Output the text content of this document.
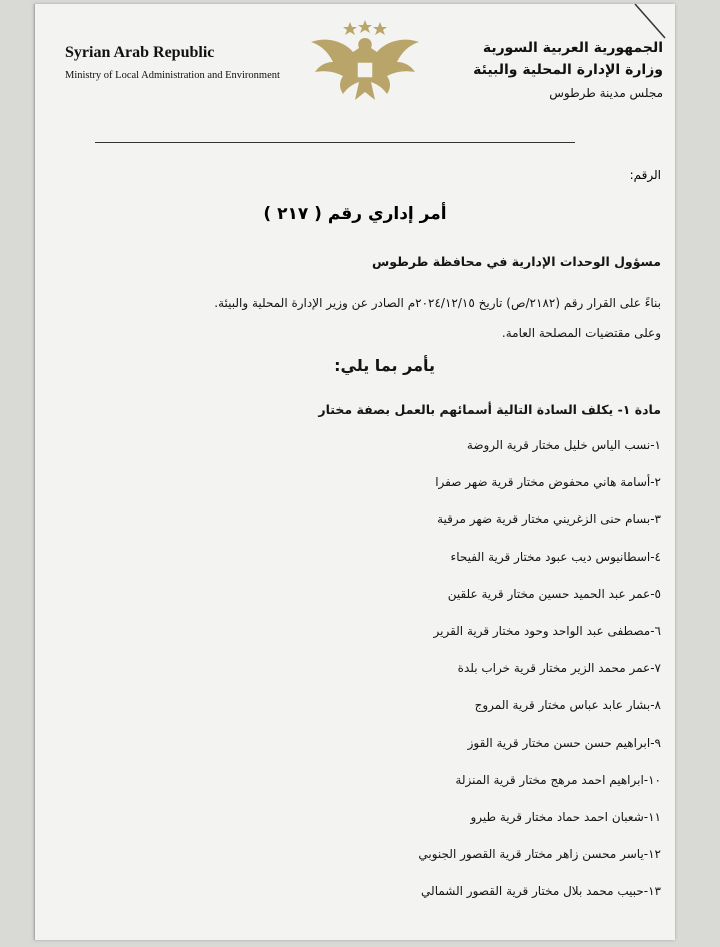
Syrian Arab Republic
Ministry of Local Administration and Environment
الجمهورية العربية السورية
وزارة الإدارة المحلية والبيئة
مجلس مدينة طرطوس
الرقم:
أمر إداري رقم ( ٢١٧ )
مسؤول الوحدات الإدارية في محافظة طرطوس
بناءً على القرار رقم (٢١٨٢/ص) تاريخ ٢٠٢٤/١٢/١٥م الصادر عن وزير الإدارة المحلية والبيئة.
وعلى مقتضيات المصلحة العامة.
يأمر بما يلي:
مادة ١- يكلف السادة التالية أسمائهم بالعمل بصفة مختار
١-نسب الياس خليل مختار قرية الروضة
٢-أسامة هاني محفوض مختار قرية ضهر صفرا
٣-بسام حنى الزغريني مختار قرية ضهر مرقية
٤-اسطانيوس ديب عبود مختار قرية الفيحاء
٥-عمر عبد الحميد حسين مختار قرية علقين
٦-مصطفى عبد الواحد وحود مختار قرية القرير
٧-عمر محمد الزير مختار قرية خراب بلدة
٨-بشار عابد عباس مختار قرية المروج
٩-ابراهيم حسن حسن مختار قرية القوز
١٠-ابراهيم احمد مرهج مختار قرية المنزلة
١١-شعبان احمد حماد مختار قرية طيرو
١٢-ياسر محسن زاهر مختار قرية القصور الجنوبي
١٣-حبيب محمد بلال مختار قرية القصور الشمالي
